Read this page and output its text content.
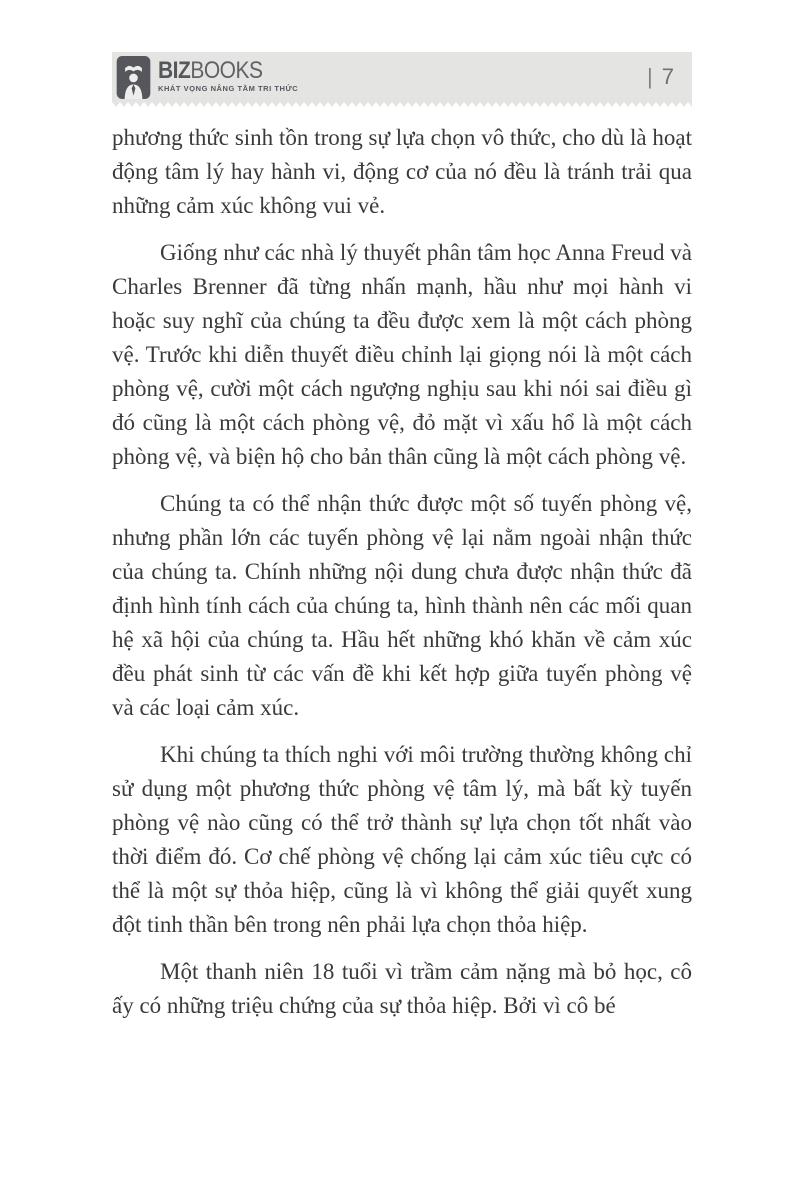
BIZBOOKS
KHÁT VỌNG NÂNG TẦM TRI THỨC	| 7

phương thức sinh tồn trong sự lựa chọn vô thức, cho dù là hoạt động tâm lý hay hành vi, động cơ của nó đều là tránh trải qua những cảm xúc không vui vẻ.

Giống như các nhà lý thuyết phân tâm học Anna Freud và Charles Brenner đã từng nhấn mạnh, hầu như mọi hành vi hoặc suy nghĩ của chúng ta đều được xem là một cách phòng vệ. Trước khi diễn thuyết điều chỉnh lại giọng nói là một cách phòng vệ, cười một cách ngượng nghịu sau khi nói sai điều gì đó cũng là một cách phòng vệ, đỏ mặt vì xấu hổ là một cách phòng vệ, và biện hộ cho bản thân cũng là một cách phòng vệ.

Chúng ta có thể nhận thức được một số tuyến phòng vệ, nhưng phần lớn các tuyến phòng vệ lại nằm ngoài nhận thức của chúng ta. Chính những nội dung chưa được nhận thức đã định hình tính cách của chúng ta, hình thành nên các mối quan hệ xã hội của chúng ta. Hầu hết những khó khăn về cảm xúc đều phát sinh từ các vấn đề khi kết hợp giữa tuyến phòng vệ và các loại cảm xúc.

Khi chúng ta thích nghi với môi trường thường không chỉ sử dụng một phương thức phòng vệ tâm lý, mà bất kỳ tuyến phòng vệ nào cũng có thể trở thành sự lựa chọn tốt nhất vào thời điểm đó. Cơ chế phòng vệ chống lại cảm xúc tiêu cực có thể là một sự thỏa hiệp, cũng là vì không thể giải quyết xung đột tinh thần bên trong nên phải lựa chọn thỏa hiệp.

Một thanh niên 18 tuổi vì trầm cảm nặng mà bỏ học, cô ấy có những triệu chứng của sự thỏa hiệp. Bởi vì cô bé
